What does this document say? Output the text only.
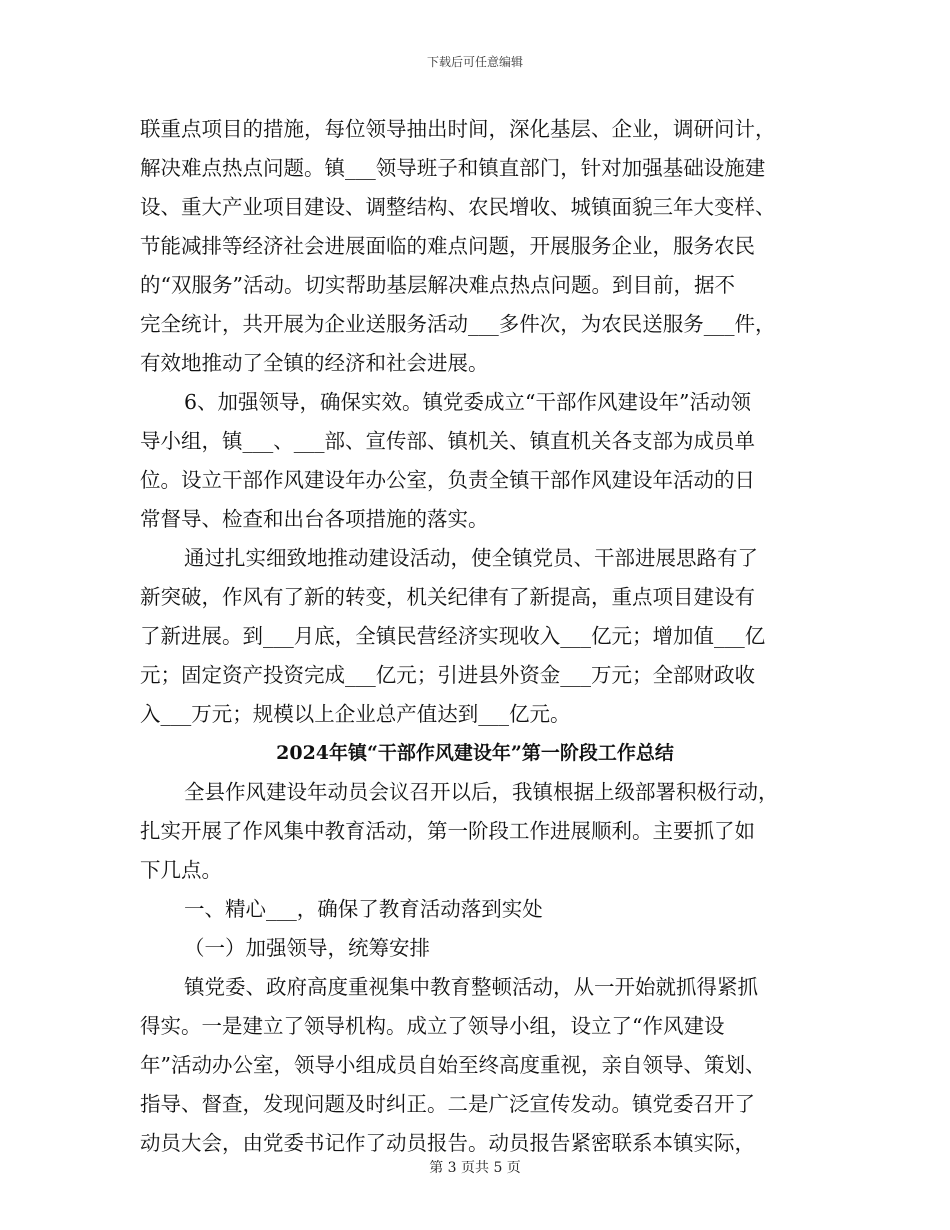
下载后可任意编辑
联重点项目的措施，每位领导抽出时间，深化基层、企业，调研问计，
解决难点热点问题。镇___领导班子和镇直部门，针对加强基础设施建
设、重大产业项目建设、调整结构、农民增收、城镇面貌三年大变样、
节能减排等经济社会进展面临的难点问题，开展服务企业，服务农民
的“双服务”活动。切实帮助基层解决难点热点问题。到目前，据不
完全统计，共开展为企业送服务活动___多件次，为农民送服务___件，
有效地推动了全镇的经济和社会进展。
6、加强领导，确保实效。镇党委成立“干部作风建设年”活动领
导小组，镇___、___部、宣传部、镇机关、镇直机关各支部为成员单
位。设立干部作风建设年办公室，负责全镇干部作风建设年活动的日
常督导、检查和出台各项措施的落实。
通过扎实细致地推动建设活动，使全镇党员、干部进展思路有了
新突破，作风有了新的转变，机关纪律有了新提高，重点项目建设有
了新进展。到___月底，全镇民营经济实现收入___亿元；增加值___亿
元；固定资产投资完成___亿元；引进县外资金___万元；全部财政收
入___万元；规模以上企业总产值达到___亿元。
2024年镇“干部作风建设年”第一阶段工作总结
全县作风建设年动员会议召开以后，我镇根据上级部署积极行动，
扎实开展了作风集中教育活动，第一阶段工作进展顺利。主要抓了如
下几点。
一、精心___，确保了教育活动落到实处
（一）加强领导，统筹安排
镇党委、政府高度重视集中教育整顿活动，从一开始就抓得紧抓
得实。一是建立了领导机构。成立了领导小组，设立了“作风建设
年”活动办公室，领导小组成员自始至终高度重视，亲自领导、策划、
指导、督查，发现问题及时纠正。二是广泛宣传发动。镇党委召开了
动员大会，由党委书记作了动员报告。动员报告紧密联系本镇实际，
第 3 页共 5 页
